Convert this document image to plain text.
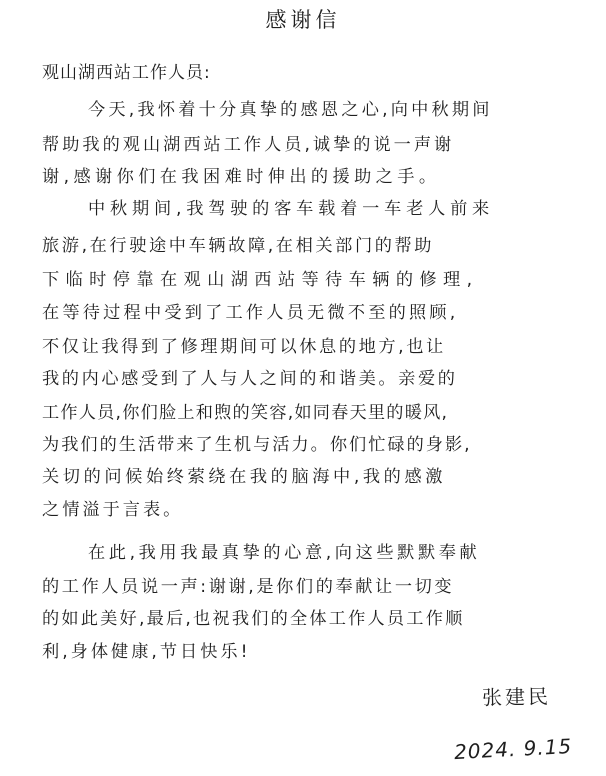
感谢信
观山湖西站工作人员:
今天,我怀着十分真挚的感恩之心,向中秋期间
帮助我的观山湖西站工作人员,诚挚的说一声谢
谢,感谢你们在我困难时伸出的援助之手。
中秋期间,我驾驶的客车载着一车老人前来
旅游,在行驶途中车辆故障,在相关部门的帮助
下临时停靠在观山湖西站等待车辆的修理,
在等待过程中受到了工作人员无微不至的照顾,
不仅让我得到了修理期间可以休息的地方,也让
我的内心感受到了人与人之间的和谐美。亲爱的
工作人员,你们脸上和煦的笑容,如同春天里的暖风,
为我们的生活带来了生机与活力。你们忙碌的身影,
关切的问候始终萦绕在我的脑海中,我的感激
之情溢于言表。
在此,我用我最真挚的心意,向这些默默奉献
的工作人员说一声:谢谢,是你们的奉献让一切变
的如此美好,最后,也祝我们的全体工作人员工作顺
利,身体健康,节日快乐!
张建民
2024. 9.15
